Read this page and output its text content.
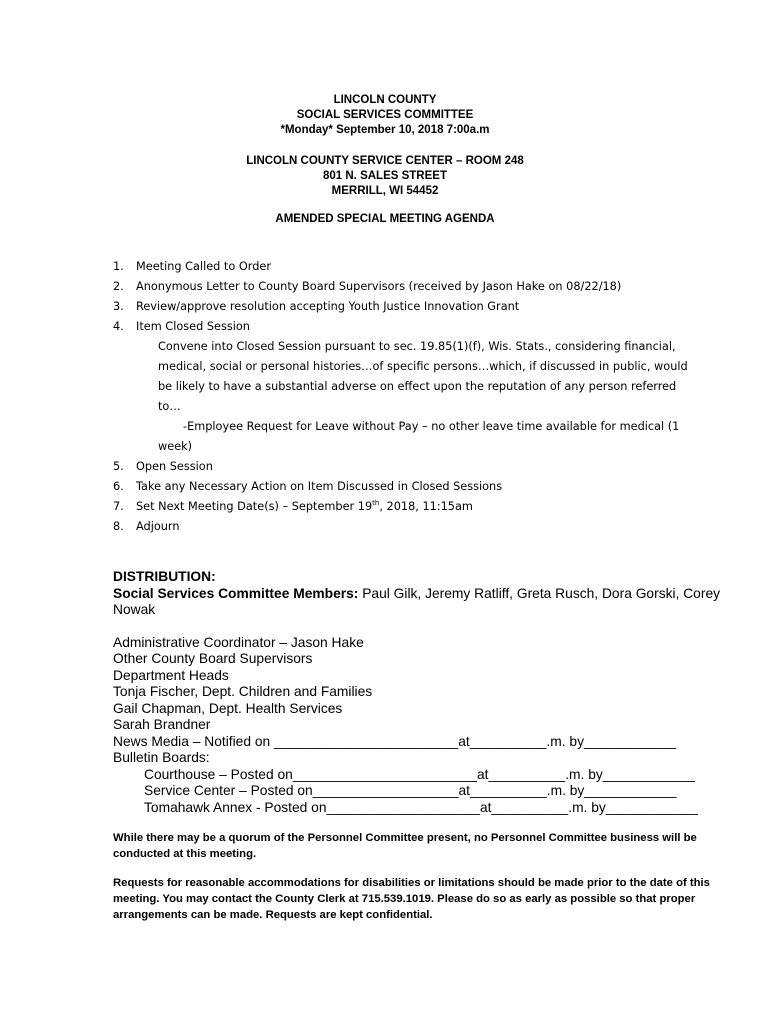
LINCOLN COUNTY
SOCIAL SERVICES COMMITTEE
*Monday* September 10, 2018 7:00a.m
LINCOLN COUNTY SERVICE CENTER – ROOM 248
801 N. SALES STREET
MERRILL, WI 54452
AMENDED SPECIAL MEETING AGENDA
1. Meeting Called to Order
2. Anonymous Letter to County Board Supervisors (received by Jason Hake on 08/22/18)
3. Review/approve resolution accepting Youth Justice Innovation Grant
4. Item Closed Session
Convene into Closed Session pursuant to sec. 19.85(1)(f), Wis. Stats., considering financial, medical, social or personal histories…of specific persons…which, if discussed in public, would be likely to have a substantial adverse on effect upon the reputation of any person referred to…
-Employee Request for Leave without Pay – no other leave time available for medical (1 week)
5. Open Session
6. Take any Necessary Action on Item Discussed in Closed Sessions
7. Set Next Meeting Date(s) – September 19th, 2018, 11:15am
8. Adjourn
DISTRIBUTION:
Social Services Committee Members: Paul Gilk, Jeremy Ratliff, Greta Rusch, Dora Gorski, Corey Nowak
Administrative Coordinator – Jason Hake
Other County Board Supervisors
Department Heads
Tonja Fischer, Dept. Children and Families
Gail Chapman, Dept. Health Services
Sarah Brandner
News Media – Notified on ________________________at__________.m. by____________
Bulletin Boards:
Courthouse – Posted on________________________at__________.m. by____________
Service Center – Posted on___________________at__________.m. by____________
Tomahawk Annex - Posted on____________________at__________.m. by____________
While there may be a quorum of the Personnel Committee present, no Personnel Committee business will be conducted at this meeting.
Requests for reasonable accommodations for disabilities or limitations should be made prior to the date of this meeting. You may contact the County Clerk at 715.539.1019. Please do so as early as possible so that proper arrangements can be made. Requests are kept confidential.
